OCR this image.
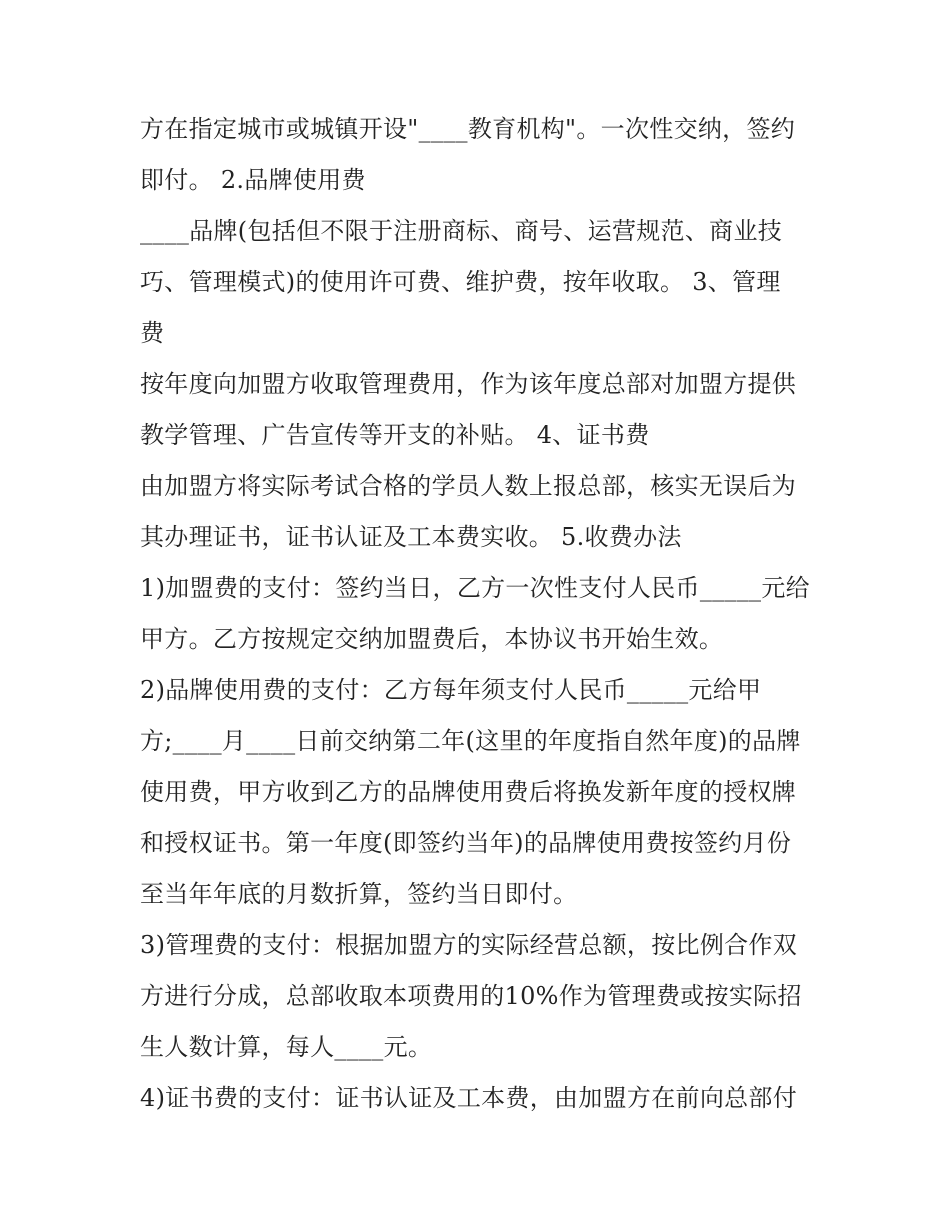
方在指定城市或城镇开设"____教育机构"。一次性交纳，签约
即付。 2.品牌使用费
____品牌(包括但不限于注册商标、商号、运营规范、商业技
巧、管理模式)的使用许可费、维护费，按年收取。 3、管理
费
按年度向加盟方收取管理费用，作为该年度总部对加盟方提供
教学管理、广告宣传等开支的补贴。 4、证书费
由加盟方将实际考试合格的学员人数上报总部，核实无误后为
其办理证书，证书认证及工本费实收。 5.收费办法
1)加盟费的支付：签约当日，乙方一次性支付人民币_____元给
甲方。乙方按规定交纳加盟费后，本协议书开始生效。
2)品牌使用费的支付：乙方每年须支付人民币_____元给甲
方;____月____日前交纳第二年(这里的年度指自然年度)的品牌
使用费，甲方收到乙方的品牌使用费后将换发新年度的授权牌
和授权证书。第一年度(即签约当年)的品牌使用费按签约月份
至当年年底的月数折算，签约当日即付。
3)管理费的支付：根据加盟方的实际经营总额，按比例合作双
方进行分成，总部收取本项费用的10%作为管理费或按实际招
生人数计算，每人____元。
4)证书费的支付：证书认证及工本费，由加盟方在前向总部付
